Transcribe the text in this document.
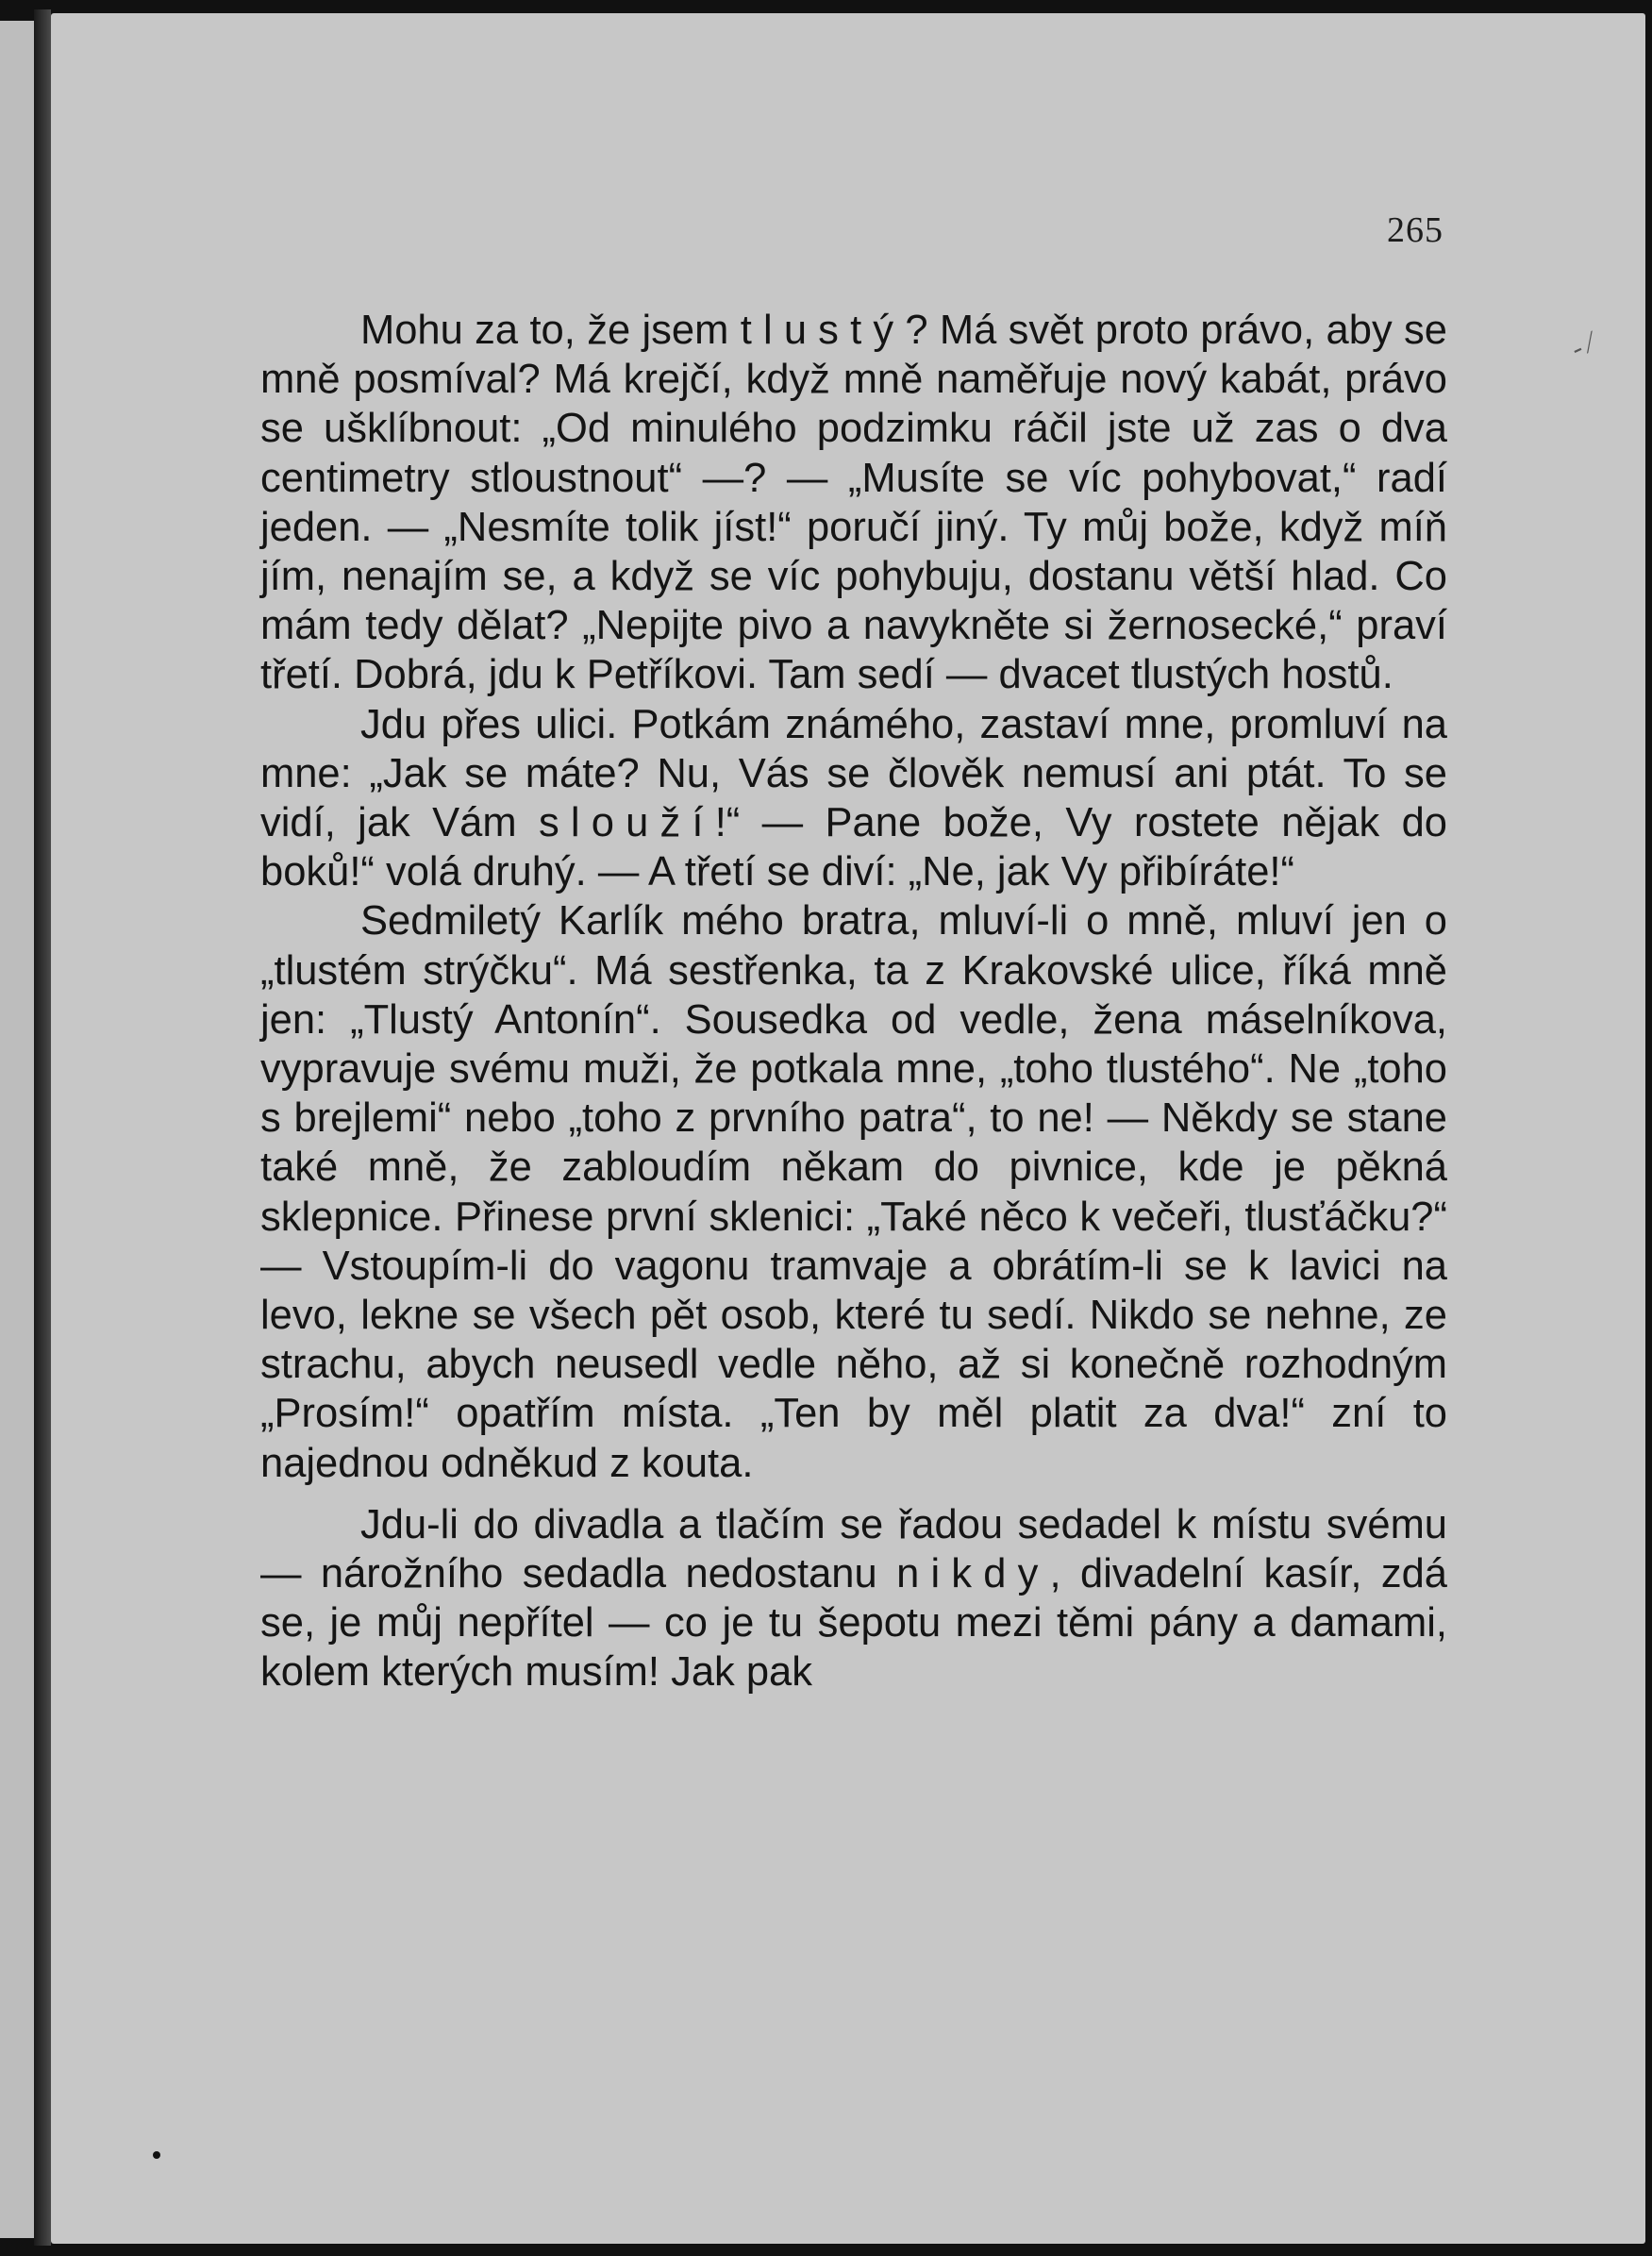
265
- ⁄

Mohu za to, že jsem tlustý? Má svět proto právo, aby se mně posmíval? Má krejčí, když mně naměřuje nový kabát, právo se ušklíbnout: „Od minulého podzimku ráčil jste už zas o dva centimetry stloustnout“ —? — „Musíte se víc pohybovat,“ radí jeden. — „Nesmíte tolik jíst!“ poručí jiný. Ty můj bože, když míň jím, nenajím se, a když se víc pohybuju, dostanu větší hlad. Co mám tedy dělat? „Nepijte pivo a navykněte si žernosecké,“ praví třetí. Dobrá, jdu k Petříkovi. Tam sedí — dvacet tlustých hostů.

Jdu přes ulici. Potkám známého, zastaví mne, promluví na mne: „Jak se máte? Nu, Vás se člověk nemusí ani ptát. To se vidí, jak Vám slouží!“ — Pane bože, Vy rostete nějak do boků!“ volá druhý. — A třetí se diví: „Ne, jak Vy přibíráte!“

Sedmiletý Karlík mého bratra, mluví-li o mně, mluví jen o „tlustém strýčku“. Má sestřenka, ta z Krakovské ulice, říká mně jen: „Tlustý Antonín“. Sousedka od vedle, žena máselníkova, vypravuje svému muži, že potkala mne, „toho tlustého“. Ne „toho s brejlemi“ nebo „toho z prvního patra“, to ne! — Někdy se stane také mně, že zabloudím někam do pivnice, kde je pěkná sklepnice. Přinese první sklenici: „Také něco k večeři, tlusťáčku?“ — Vstoupím-li do vagonu tramvaje a obrátím-li se k lavici na levo, lekne se všech pět osob, které tu sedí. Nikdo se nehne, ze strachu, abych neusedl vedle něho, až si konečně rozhodným „Prosím!“ opatřím místa. „Ten by měl platit za dva!“ zní to najednou odněkud z kouta.

Jdu-li do divadla a tlačím se řadou sedadel k místu svému — nárožního sedadla nedostanu nikdy, divadelní kasír, zdá se, je můj nepřítel — co je tu šepotu mezi těmi pány a damami, kolem kterých musím! Jak pak
